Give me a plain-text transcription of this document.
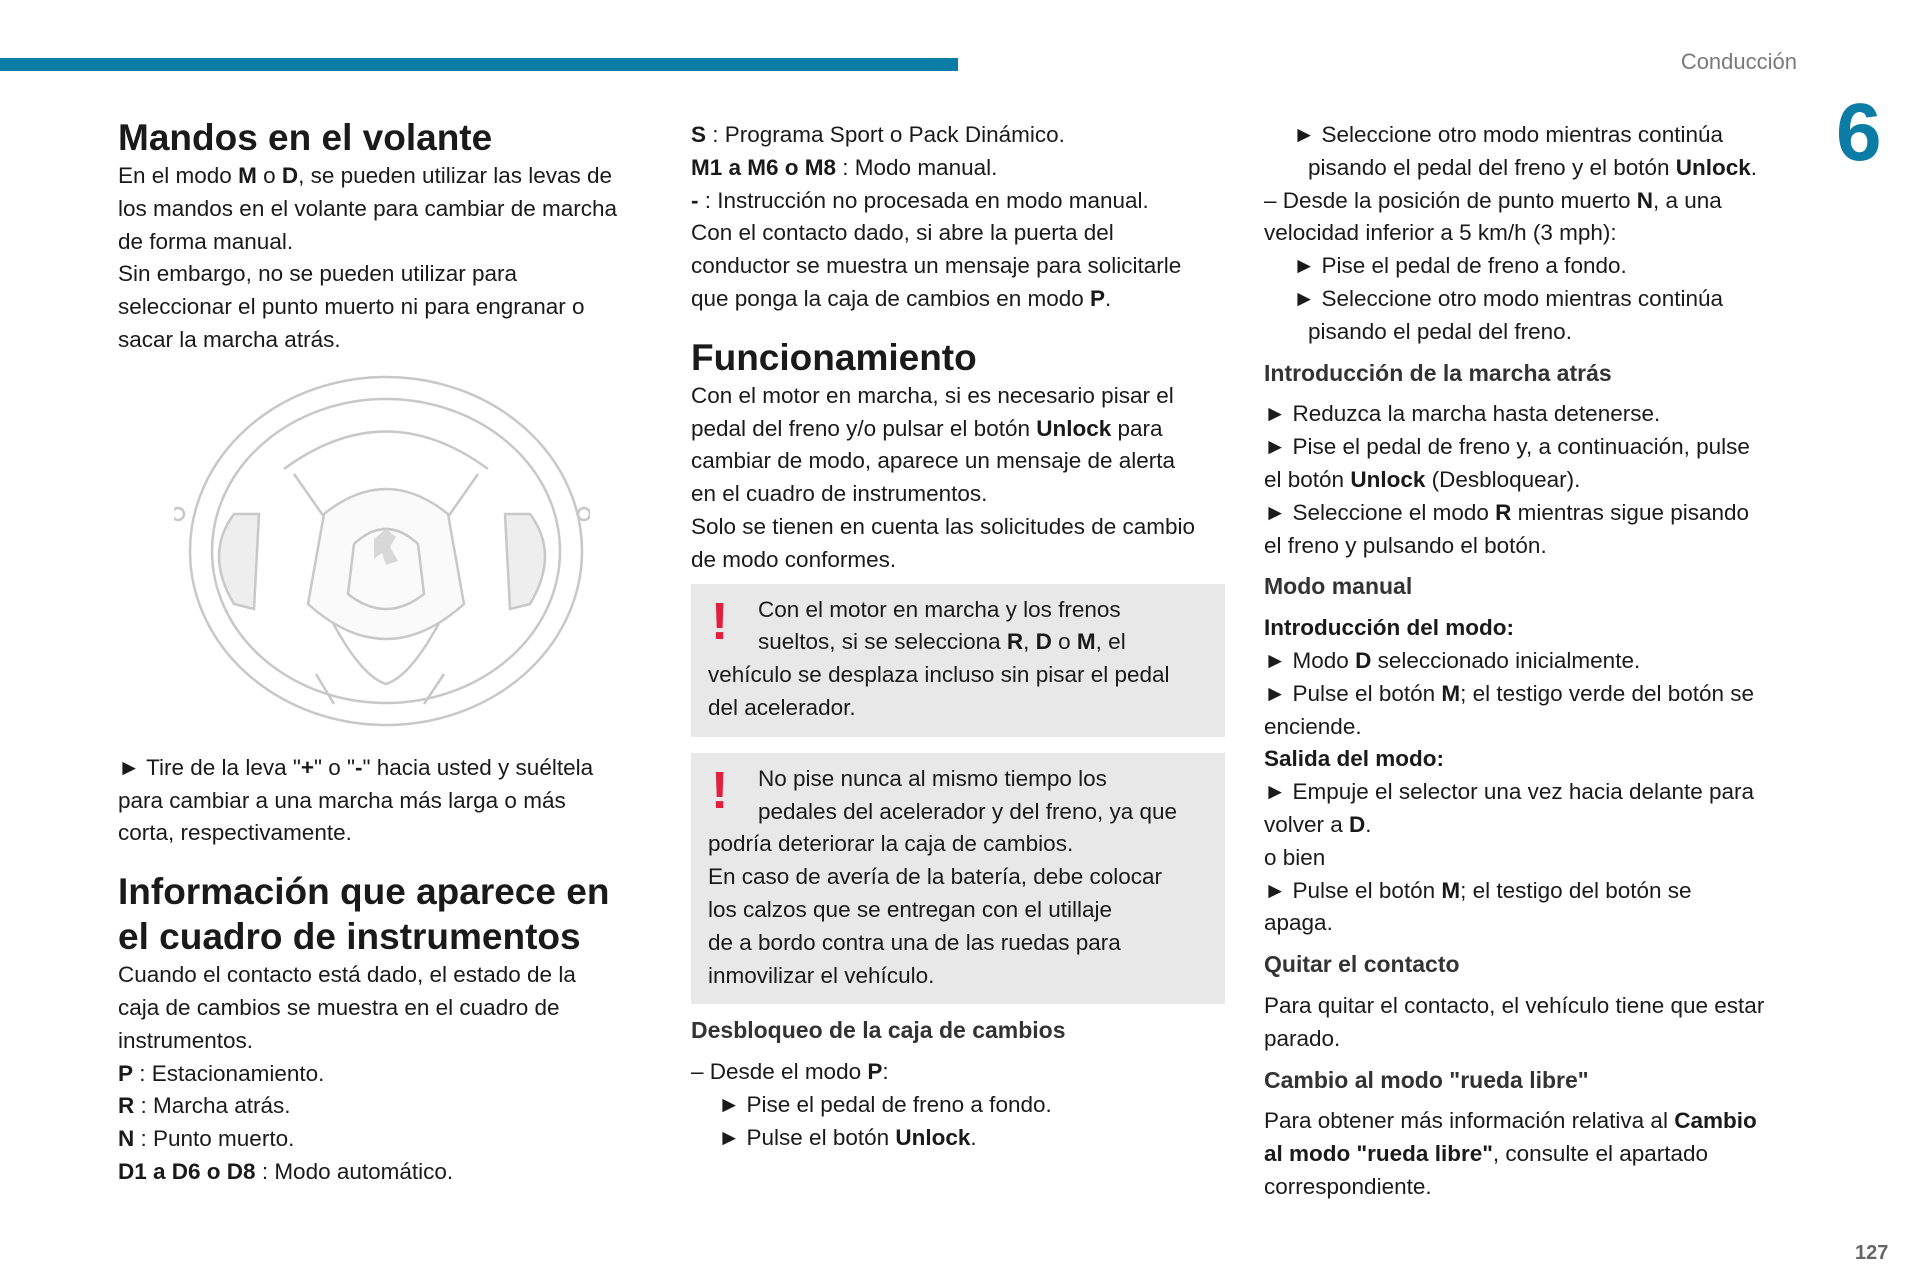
Conducción
6
127
Mandos en el volante
En el modo M o D, se pueden utilizar las levas de
los mandos en el volante para cambiar de marcha
de forma manual.
Sin embargo, no se pueden utilizar para
seleccionar el punto muerto ni para engranar o
sacar la marcha atrás.
► Tire de la leva "+" o "-" hacia usted y suéltela
para cambiar a una marcha más larga o más
corta, respectivamente.
Información que aparece en
el cuadro de instrumentos
Cuando el contacto está dado, el estado de la
caja de cambios se muestra en el cuadro de
instrumentos.
P : Estacionamiento.
R : Marcha atrás.
N : Punto muerto.
D1 a D6 o D8 : Modo automático.
S : Programa Sport o Pack Dinámico.
M1 a M6 o M8 : Modo manual.
- : Instrucción no procesada en modo manual.
Con el contacto dado, si abre la puerta del
conductor se muestra un mensaje para solicitarle
que ponga la caja de cambios en modo P.
Funcionamiento
Con el motor en marcha, si es necesario pisar el
pedal del freno y/o pulsar el botón Unlock para
cambiar de modo, aparece un mensaje de alerta
en el cuadro de instrumentos.
Solo se tienen en cuenta las solicitudes de cambio
de modo conformes.
!	Con el motor en marcha y los frenos
sueltos, si se selecciona R, D o M, el
vehículo se desplaza incluso sin pisar el pedal
del acelerador.
!	No pise nunca al mismo tiempo los
pedales del acelerador y del freno, ya que
podría deteriorar la caja de cambios.
En caso de avería de la batería, debe colocar
los calzos que se entregan con el utillaje
de a bordo contra una de las ruedas para
inmovilizar el vehículo.
Desbloqueo de la caja de cambios
– Desde el modo P:
► Pise el pedal de freno a fondo.
► Pulse el botón Unlock.
► Seleccione otro modo mientras continúa
pisando el pedal del freno y el botón Unlock.
– Desde la posición de punto muerto N, a una
velocidad inferior a 5 km/h (3 mph):
► Pise el pedal de freno a fondo.
► Seleccione otro modo mientras continúa
pisando el pedal del freno.
Introducción de la marcha atrás
► Reduzca la marcha hasta detenerse.
► Pise el pedal de freno y, a continuación, pulse
el botón Unlock (Desbloquear).
► Seleccione el modo R mientras sigue pisando
el freno y pulsando el botón.
Modo manual
Introducción del modo:
► Modo D seleccionado inicialmente.
► Pulse el botón M; el testigo verde del botón se
enciende.
Salida del modo:
► Empuje el selector una vez hacia delante para
volver a D.
o bien
► Pulse el botón M; el testigo del botón se
apaga.
Quitar el contacto
Para quitar el contacto, el vehículo tiene que estar
parado.
Cambio al modo "rueda libre"
Para obtener más información relativa al Cambio
al modo "rueda libre", consulte el apartado
correspondiente.
